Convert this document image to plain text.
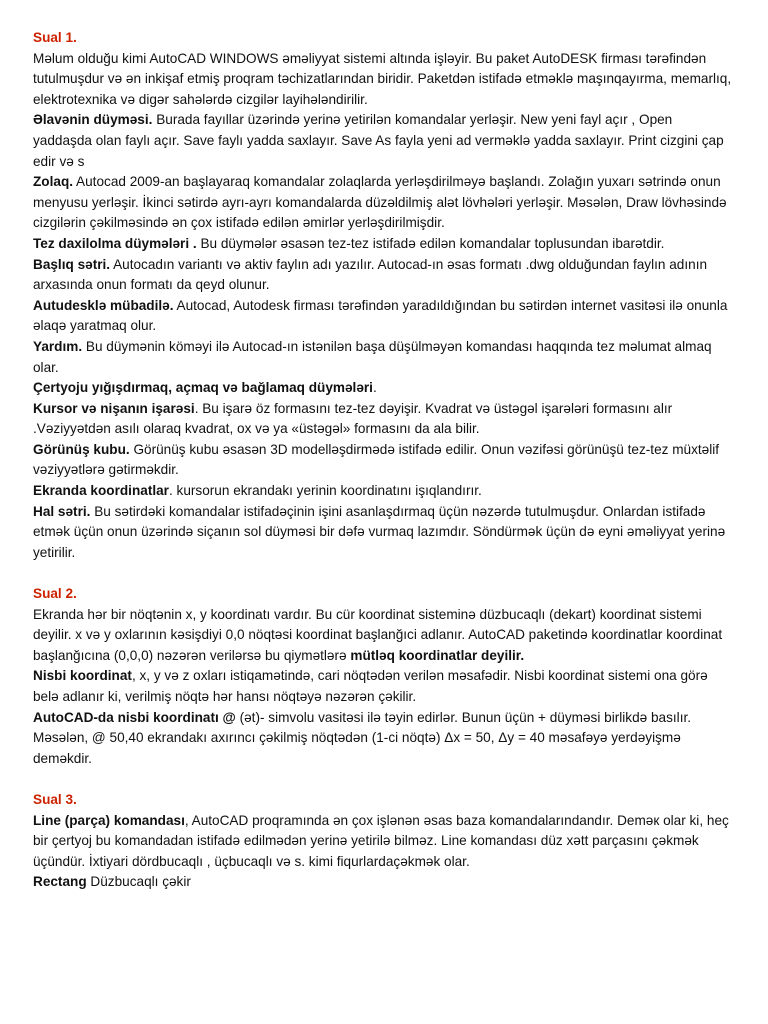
Sual 1.

Məlum olduğu kimi AutoCAD WINDOWS əməliyyat sistemi altında işləyir. Bu paket AutoDESK firması tərəfindən tutulmuşdur və ən inkişaf etmiş proqram təchizatlarından biridir. Paketdən istifadə etməklə maşınqayırma, memarlıq, elektrotexnika və digər sahələrdə cizgilər layihələndirilir.

Əlavənin düyməsi. Burada fayıllar üzərində yerinə yetirilən komandalar yerləşir. New yeni fayl açır , Open yaddaşda olan faylı açır. Save faylı yadda saxlayır. Save As fayla yeni ad verməklə yadda saxlayır. Print cizgini çap edir və s

Zolaq. Autocad 2009-an başlayaraq komandalar zolaqlarda yerləşdirilməyə başlandı. Zolağın yuxarı sətrində onun menyusu yerləşir. İkinci sətirdə ayrı-ayrı komandalarda düzəldilmiş alət lövhələri yerləşir. Məsələn, Draw lövhəsində cizgilərin çəkilməsində ən çox istifadə edilən əmirlər yerləşdirilmişdir.

Tez daxilolma düymələri . Bu düymələr əsasən tez-tez istifadə edilən komandalar toplusundan ibarətdir.

Başlıq sətri. Autocadın variantı və aktiv faylın adı yazılır. Autocad-ın əsas formatı .dwg olduğundan faylın adının arxasında onun formatı da qeyd olunur.

Autudesklə mübadilə. Autocad, Autodesk firması tərəfindən yaradıldığından bu sətirdən internet vasitəsi ilə onunla əlaqə yaratmaq olur.

Yardım. Bu düymənin köməyi ilə Autocad-ın istənilən başa düşülməyən komandası haqqında tez məlumat almaq olar.

Çertyoju yığışdırmaq, açmaq və bağlamaq düymələri.

Kursor və nişanın işarəsi. Bu işarə öz formasını tez-tez dəyişir. Kvadrat və üstəgəl işarələri formasını alır .Vəziyyətdən asılı olaraq kvadrat, ox və ya «üstəgəl» formasını da ala bilir.

Görünüş kubu. Görünüş kubu əsasən 3D modelləşdirmədə istifadə edilir. Onun vəzifəsi görünüşü tez-tez müxtəlif vəziyyətlərə gətirməkdir.

Ekranda koordinatlar. kursorun ekrandakı yerinin koordinatını işıqlandırır.

Hal sətri. Bu sətirdəki komandalar istifadəçinin işini asanlaşdırmaq üçün nəzərdə tutulmuşdur. Onlardan istifadə etmək üçün onun üzərində siçanın sol düyməsi bir dəfə vurmaq lazımdır. Söndürmək üçün də eyni əməliyyat yerinə yetirilir.

Sual 2.

Ekranda hər bir nöqtənin x, y koordinatı vardır. Bu cür koordinat sisteminə düzbucaqlı (dekart) koordinat sistemi deyilir. x və y oxlarının kəsişdiyi 0,0 nöqtəsi koordinat başlanğıci adlanır. AutoCAD paketində koordinatlar koordinat başlanğıcına (0,0,0) nəzərən verilərsə bu qiymətlərə mütləq koordinatlar deyilir.

Nisbi koordinat, x, y və z oxları istiqamətində, cari nöqtədən verilən məsafədir. Nisbi koordinat sistemi ona görə belə adlanır ki, verilmiş nöqtə hər hansı nöqtəyə nəzərən çəkilir.

AutoCAD-da nisbi koordinatı @ (ət)- simvolu vasitəsi ilə təyin edirlər. Bunun üçün + düyməsi birlikdə basılır. Məsələn, @ 50,40 ekrandakı axırıncı çəkilmiş nöqtədən (1-ci nöqtə) Δx = 50, Δy = 40 məsafəyə yerdəyişmə deməkdir.

Sual 3.

Line (parça) komandası, AutoCAD proqramında ən çox işlənən əsas baza komandalarındandır. Deməк olar ki, heç bir çertyoj bu komandadan istifadə edilmədən yerinə yetirilə bilməz. Line komandası düz xətt parçasını çəkmək üçündür. İxtiyari dördbucaqlı , üçbucaqlı və s. kimi fiqurlardaçəkmək olar.

Rectang Düzbucaqlı çəkir
